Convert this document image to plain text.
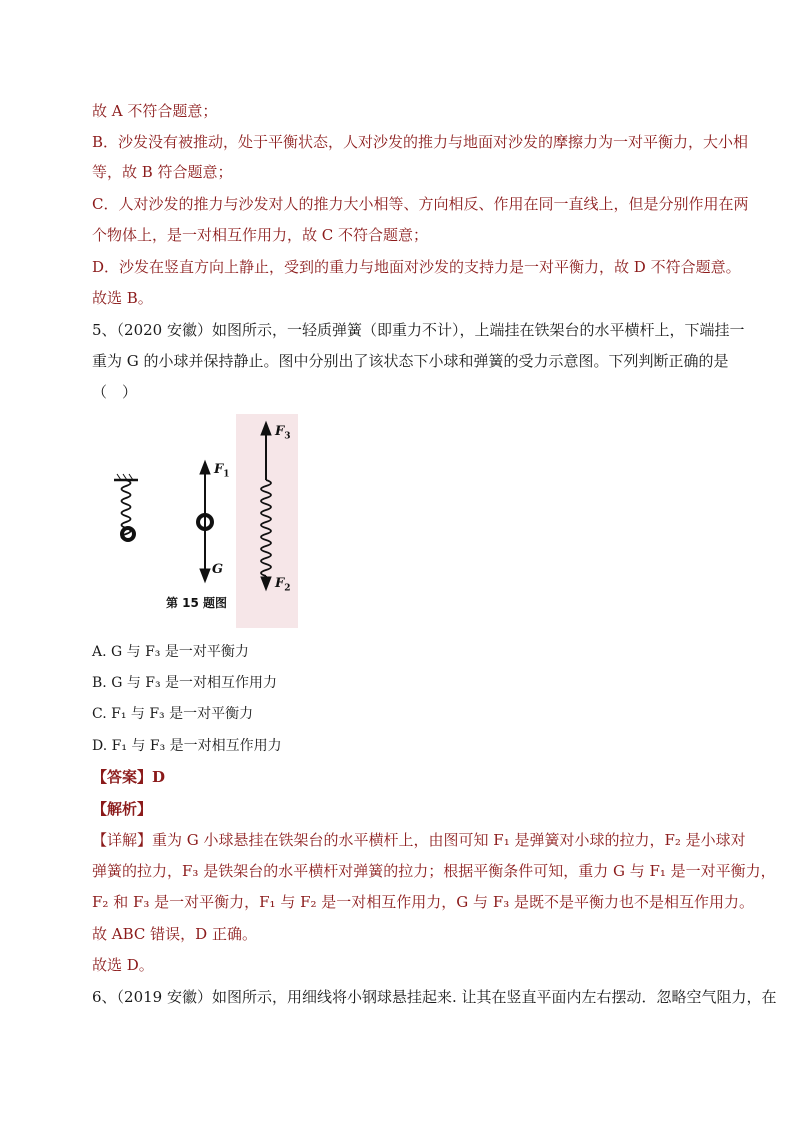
故 A 不符合题意；
B．沙发没有被推动，处于平衡状态，人对沙发的推力与地面对沙发的摩擦力为一对平衡力，大小相
等，故 B 符合题意；
C．人对沙发的推力与沙发对人的推力大小相等、方向相反、作用在同一直线上，但是分别作用在两
个物体上，是一对相互作用力，故 C 不符合题意；
D．沙发在竖直方向上静止，受到的重力与地面对沙发的支持力是一对平衡力，故 D 不符合题意。
故选 B。
5、（2020 安徽）如图所示，一轻质弹簧（即重力不计），上端挂在铁架台的水平横杆上，下端挂一
重为 G 的小球并保持静止。图中分别出了该状态下小球和弹簧的受力示意图。下列判断正确的是
（　）
$F_1$
G
$F_3$
$F_2$
第 15 题图
A. G 与 F₃ 是一对平衡力
B. G 与 F₃ 是一对相互作用力
C. F₁ 与 F₃ 是一对平衡力
D. F₁ 与 F₃ 是一对相互作用力
【答案】D
【解析】
【详解】重为 G 小球悬挂在铁架台的水平横杆上，由图可知 F₁ 是弹簧对小球的拉力，F₂ 是小球对
弹簧的拉力，F₃ 是铁架台的水平横杆对弹簧的拉力；根据平衡条件可知，重力 G 与 F₁ 是一对平衡力，
F₂ 和 F₃ 是一对平衡力，F₁ 与 F₂ 是一对相互作用力，G 与 F₃ 是既不是平衡力也不是相互作用力。
故 ABC 错误，D 正确。
故选 D。
6、（2019 安徽）如图所示，用细线将小钢球悬挂起来. 让其在竖直平面内左右摆动．忽略空气阻力，在
